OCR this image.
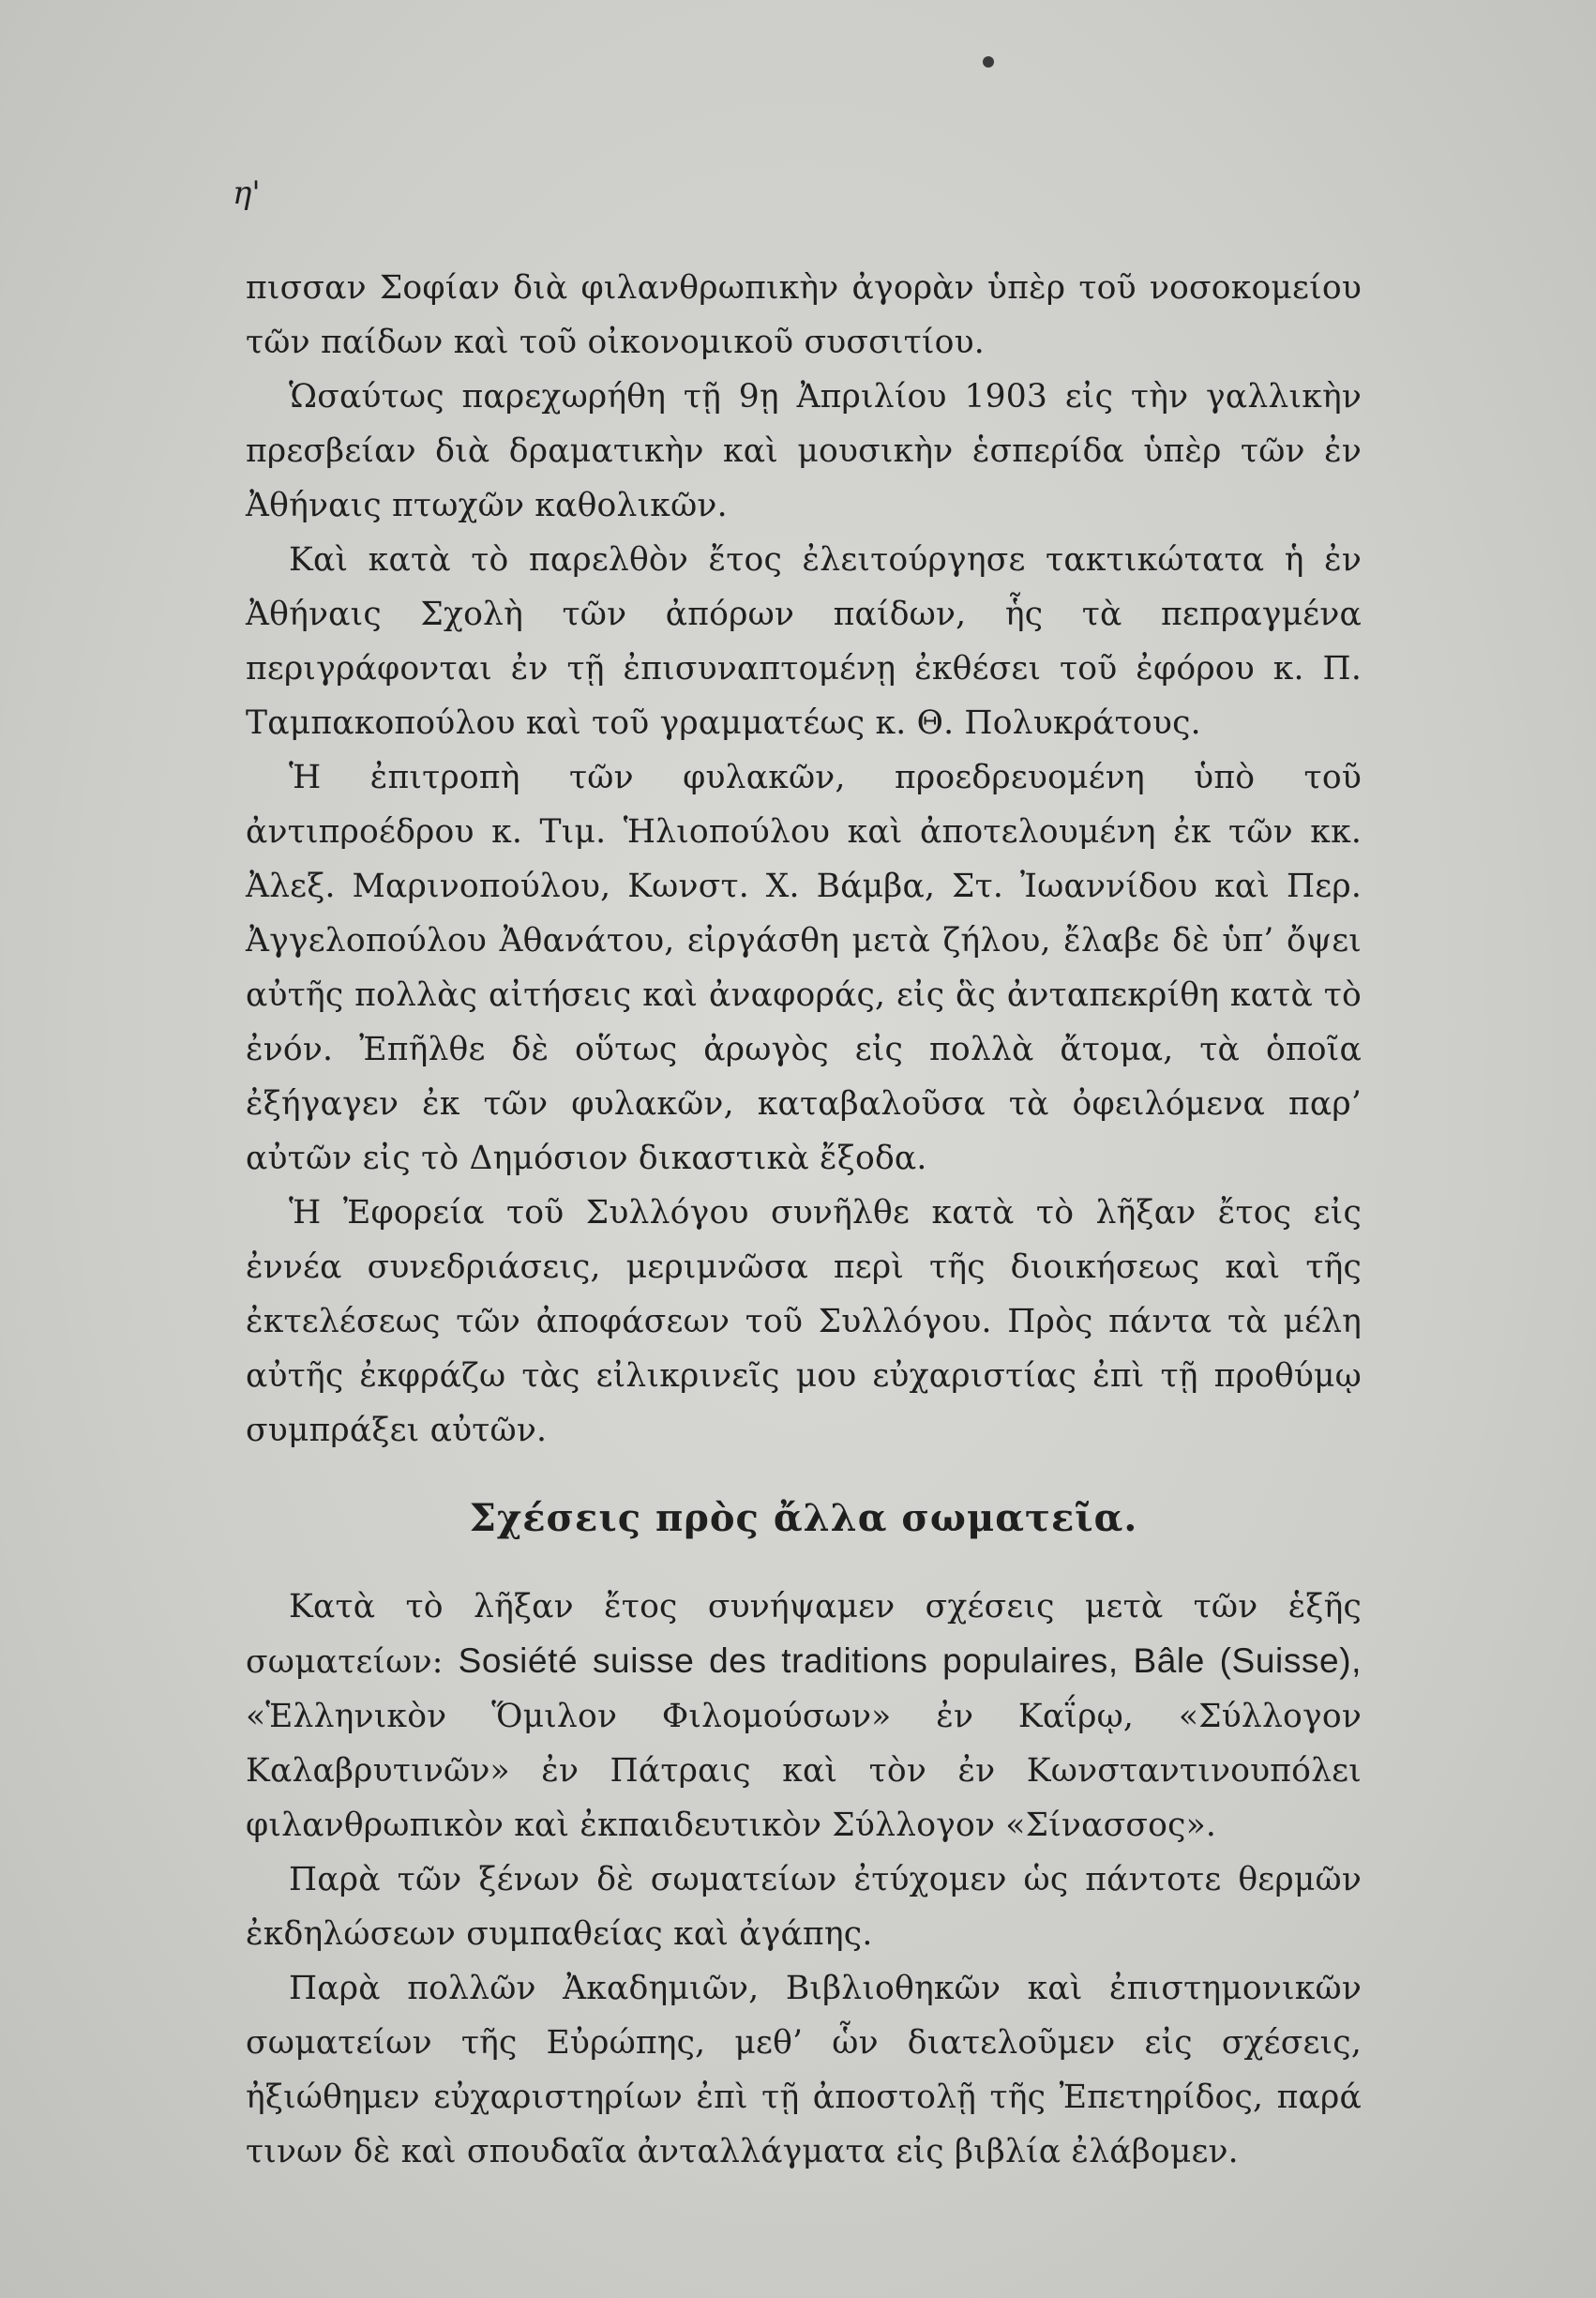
η'

πισσαν Σοφίαν διὰ φιλανθρωπικὴν ἀγορὰν ὑπὲρ τοῦ νοσοκομείου τῶν παίδων καὶ τοῦ οἰκονομικοῦ συσσιτίου.

Ὡσαύτως παρεχωρήθη τῇ 9ῃ Ἀπριλίου 1903 εἰς τὴν γαλλικὴν πρεσβείαν διὰ δραματικὴν καὶ μουσικὴν ἑσπερίδα ὑπὲρ τῶν ἐν Ἀθήναις πτωχῶν καθολικῶν.

Καὶ κατὰ τὸ παρελθὸν ἔτος ἐλειτούργησε τακτικώτατα ἡ ἐν Ἀθήναις Σχολὴ τῶν ἀπόρων παίδων, ἧς τὰ πεπραγμένα περιγράφονται ἐν τῇ ἐπισυναπτομένῃ ἐκθέσει τοῦ ἐφόρου κ. Π. Ταμπακοπούλου καὶ τοῦ γραμματέως κ. Θ. Πολυκράτους.

Ἡ ἐπιτροπὴ τῶν φυλακῶν, προεδρευομένη ὑπὸ τοῦ ἀντιπροέδρου κ. Τιμ. Ἡλιοπούλου καὶ ἀποτελουμένη ἐκ τῶν κκ. Ἀλεξ. Μαρινοπούλου, Κωνστ. Χ. Βάμβα, Στ. Ἰωαννίδου καὶ Περ. Ἀγγελοπούλου Ἀθανάτου, εἰργάσθη μετὰ ζήλου, ἔλαβε δὲ ὑπ’ ὄψει αὐτῆς πολλὰς αἰτήσεις καὶ ἀναφοράς, εἰς ἃς ἀνταπεκρίθη κατὰ τὸ ἐνόν. Ἐπῆλθε δὲ οὕτως ἀρωγὸς εἰς πολλὰ ἄτομα, τὰ ὁποῖα ἐξήγαγεν ἐκ τῶν φυλακῶν, καταβαλοῦσα τὰ ὀφειλόμενα παρ’ αὐτῶν εἰς τὸ Δημόσιον δικαστικὰ ἔξοδα.

Ἡ Ἐφορεία τοῦ Συλλόγου συνῆλθε κατὰ τὸ λῆξαν ἔτος εἰς ἐννέα συνεδριάσεις, μεριμνῶσα περὶ τῆς διοικήσεως καὶ τῆς ἐκτελέσεως τῶν ἀποφάσεων τοῦ Συλλόγου. Πρὸς πάντα τὰ μέλη αὐτῆς ἐκφράζω τὰς εἰλικρινεῖς μου εὐχαριστίας ἐπὶ τῇ προθύμῳ συμπράξει αὐτῶν.

Σχέσεις πρὸς ἄλλα σωματεῖα.

Κατὰ τὸ λῆξαν ἔτος συνήψαμεν σχέσεις μετὰ τῶν ἑξῆς σωματείων: Sosiété suisse des traditions populaires, Bâle (Suisse), «Ἑλληνικὸν Ὅμιλον Φιλομούσων» ἐν Καΐρῳ, «Σύλλογον Καλαβρυτινῶν» ἐν Πάτραις καὶ τὸν ἐν Κωνσταντινουπόλει φιλανθρωπικὸν καὶ ἐκπαιδευτικὸν Σύλλογον «Σίνασσος».

Παρὰ τῶν ξένων δὲ σωματείων ἐτύχομεν ὡς πάντοτε θερμῶν ἐκδηλώσεων συμπαθείας καὶ ἀγάπης.

Παρὰ πολλῶν Ἀκαδημιῶν, Βιβλιοθηκῶν καὶ ἐπιστημονικῶν σωματείων τῆς Εὐρώπης, μεθ’ ὧν διατελοῦμεν εἰς σχέσεις, ἠξιώθημεν εὐχαριστηρίων ἐπὶ τῇ ἀποστολῇ τῆς Ἐπετηρίδος, παρά τινων δὲ καὶ σπουδαῖα ἀνταλλάγματα εἰς βιβλία ἐλάβομεν.
